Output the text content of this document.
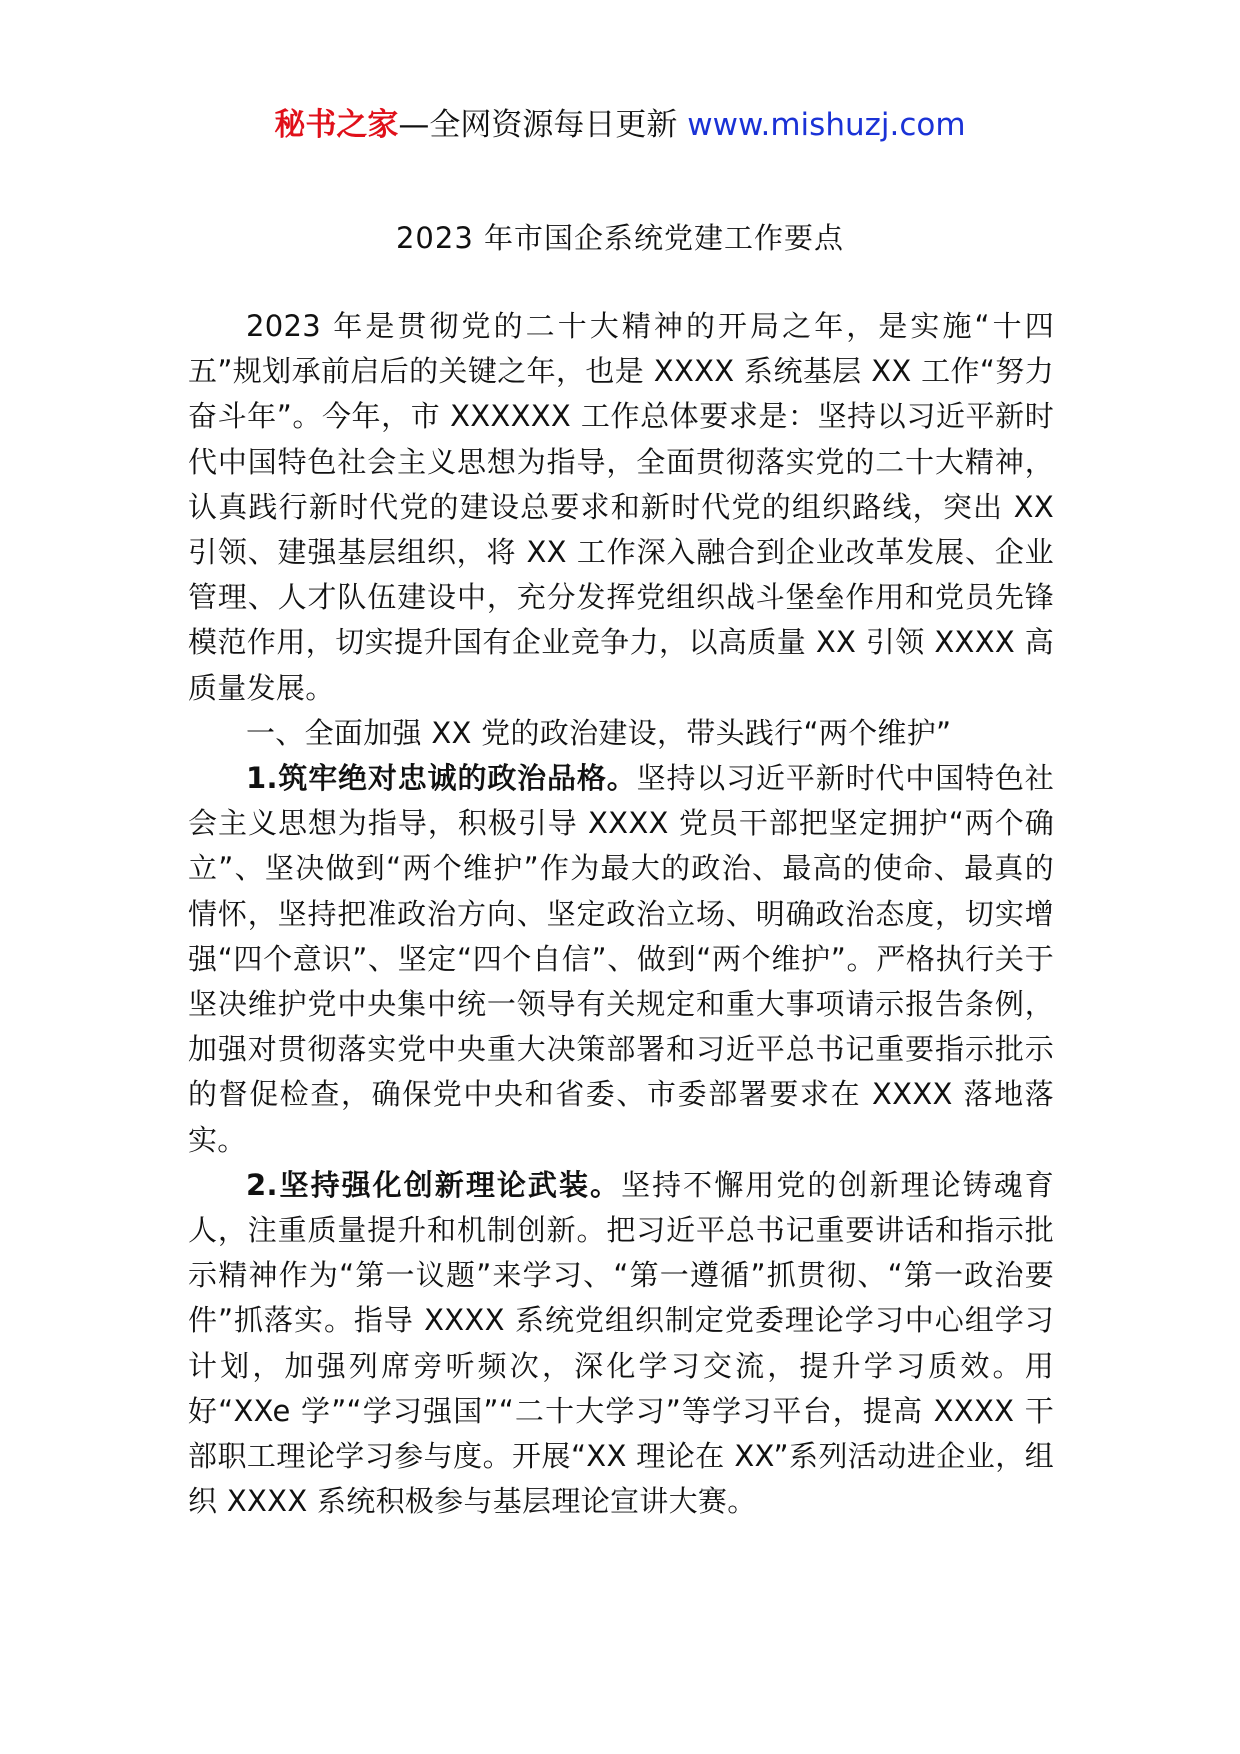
秘书之家—全网资源每日更新 www.mishuzj.com
2023 年市国企系统党建工作要点

2023 年是贯彻党的二十大精神的开局之年，是实施“十四五”规划承前启后的关键之年，也是 XXXX 系统基层 XX 工作“努力奋斗年”。今年，市 XXXXXX 工作总体要求是：坚持以习近平新时代中国特色社会主义思想为指导，全面贯彻落实党的二十大精神，认真践行新时代党的建设总要求和新时代党的组织路线，突出 XX 引领、建强基层组织，将 XX 工作深入融合到企业改革发展、企业管理、人才队伍建设中，充分发挥党组织战斗堡垒作用和党员先锋模范作用，切实提升国有企业竞争力，以高质量 XX 引领 XXXX 高质量发展。

一、全面加强 XX 党的政治建设，带头践行“两个维护”

1.筑牢绝对忠诚的政治品格。坚持以习近平新时代中国特色社会主义思想为指导，积极引导 XXXX 党员干部把坚定拥护“两个确立”、坚决做到“两个维护”作为最大的政治、最高的使命、最真的情怀，坚持把准政治方向、坚定政治立场、明确政治态度，切实增强“四个意识”、坚定“四个自信”、做到“两个维护”。严格执行关于坚决维护党中央集中统一领导有关规定和重大事项请示报告条例，加强对贯彻落实党中央重大决策部署和习近平总书记重要指示批示的督促检查，确保党中央和省委、市委部署要求在 XXXX 落地落实。

2.坚持强化创新理论武装。坚持不懈用党的创新理论铸魂育人，注重质量提升和机制创新。把习近平总书记重要讲话和指示批示精神作为“第一议题”来学习、“第一遵循”抓贯彻、“第一政治要件”抓落实。指导 XXXX 系统党组织制定党委理论学习中心组学习计划，加强列席旁听频次，深化学习交流，提升学习质效。用好“XXe 学”“学习强国”“二十大学习”等学习平台，提高 XXXX 干部职工理论学习参与度。开展“XX 理论在 XX”系列活动进企业，组织 XXXX 系统积极参与基层理论宣讲大赛。
